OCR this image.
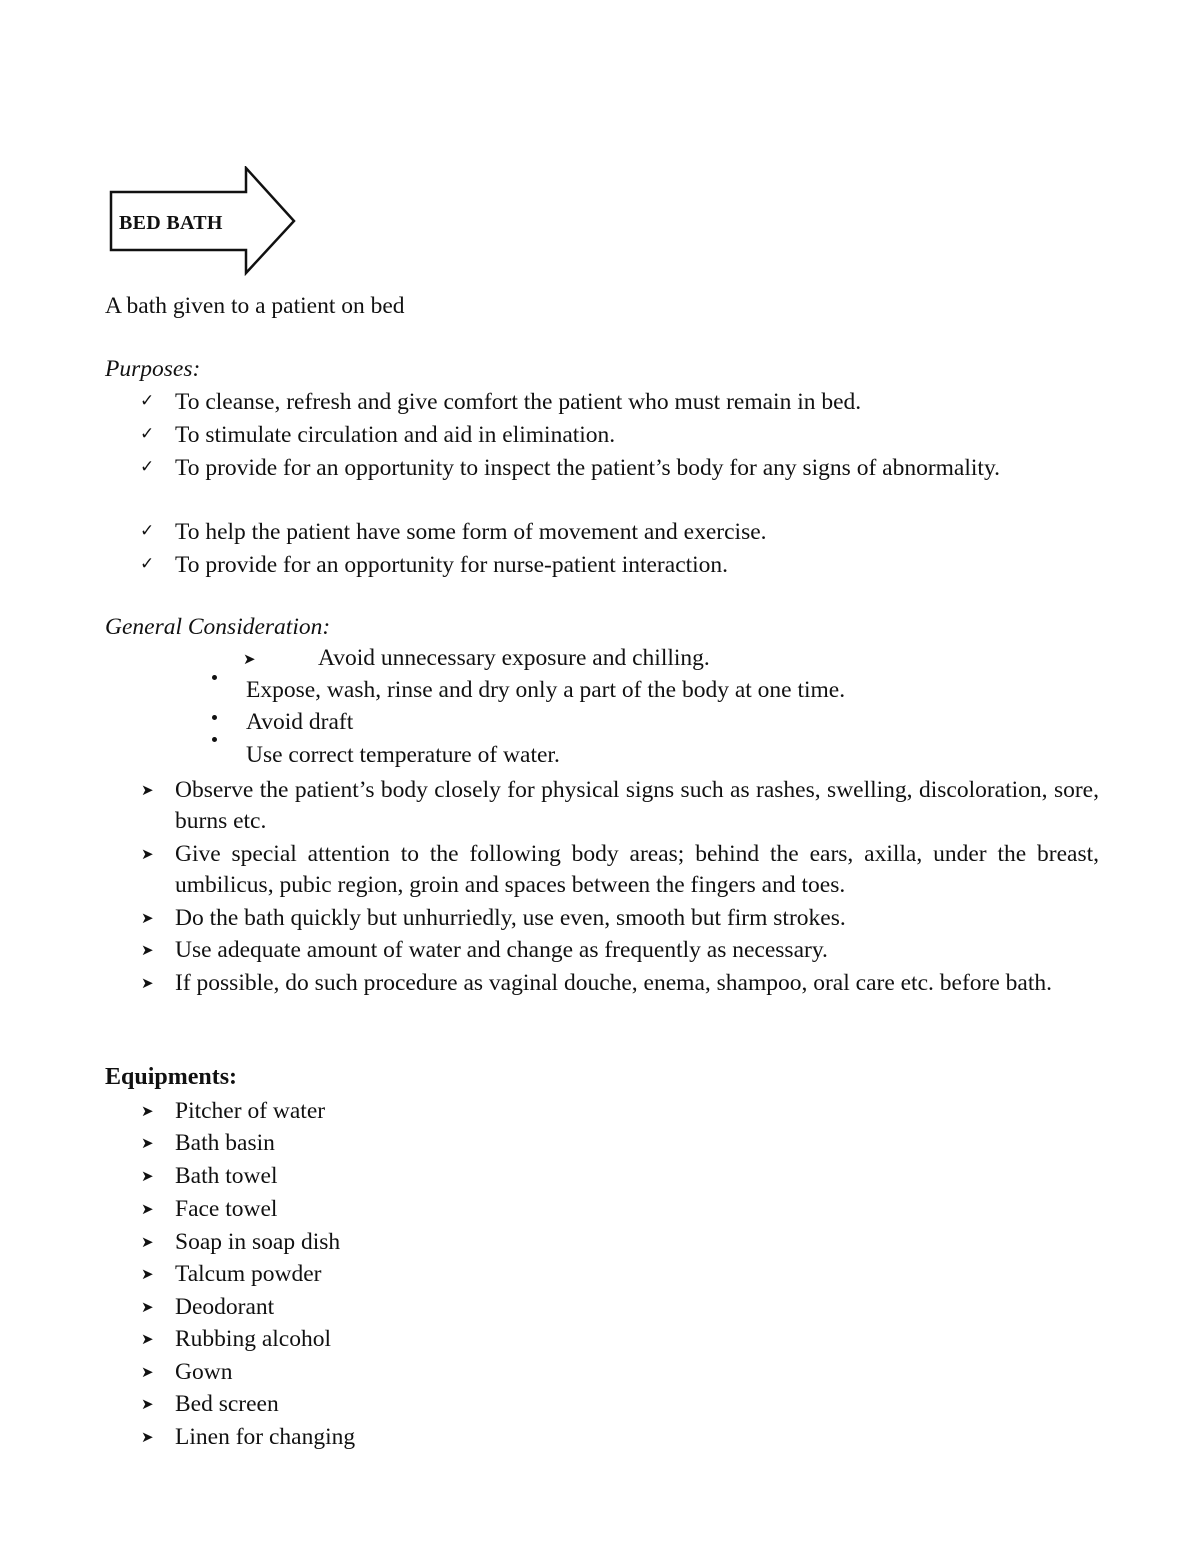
BED BATH
A bath given to a patient on bed
Purposes:
✓ To cleanse, refresh and give comfort the patient who must remain in bed.
✓ To stimulate circulation and aid in elimination.
✓ To provide for an opportunity to inspect the patient’s body for any signs of abnormality.
✓ To help the patient have some form of movement and exercise.
✓ To provide for an opportunity for nurse-patient interaction.
General Consideration:
➤	Avoid unnecessary exposure and chilling.
Expose, wash, rinse and dry only a part of the body at one time.
Avoid draft
Use correct temperature of water.
➤ Observe the patient’s body closely for physical signs such as rashes, swelling, discoloration, sore, burns etc.
➤ Give special attention to the following body areas; behind the ears, axilla, under the breast, umbilicus, pubic region, groin and spaces between the fingers and toes.
➤ Do the bath quickly but unhurriedly, use even, smooth but firm strokes.
➤ Use adequate amount of water and change as frequently as necessary.
➤ If possible, do such procedure as vaginal douche, enema, shampoo, oral care etc. before bath.
Equipments:
➤ Pitcher of water
➤ Bath basin
➤ Bath towel
➤ Face towel
➤ Soap in soap dish
➤ Talcum powder
➤ Deodorant
➤ Rubbing alcohol
➤ Gown
➤ Bed screen
➤ Linen for changing
